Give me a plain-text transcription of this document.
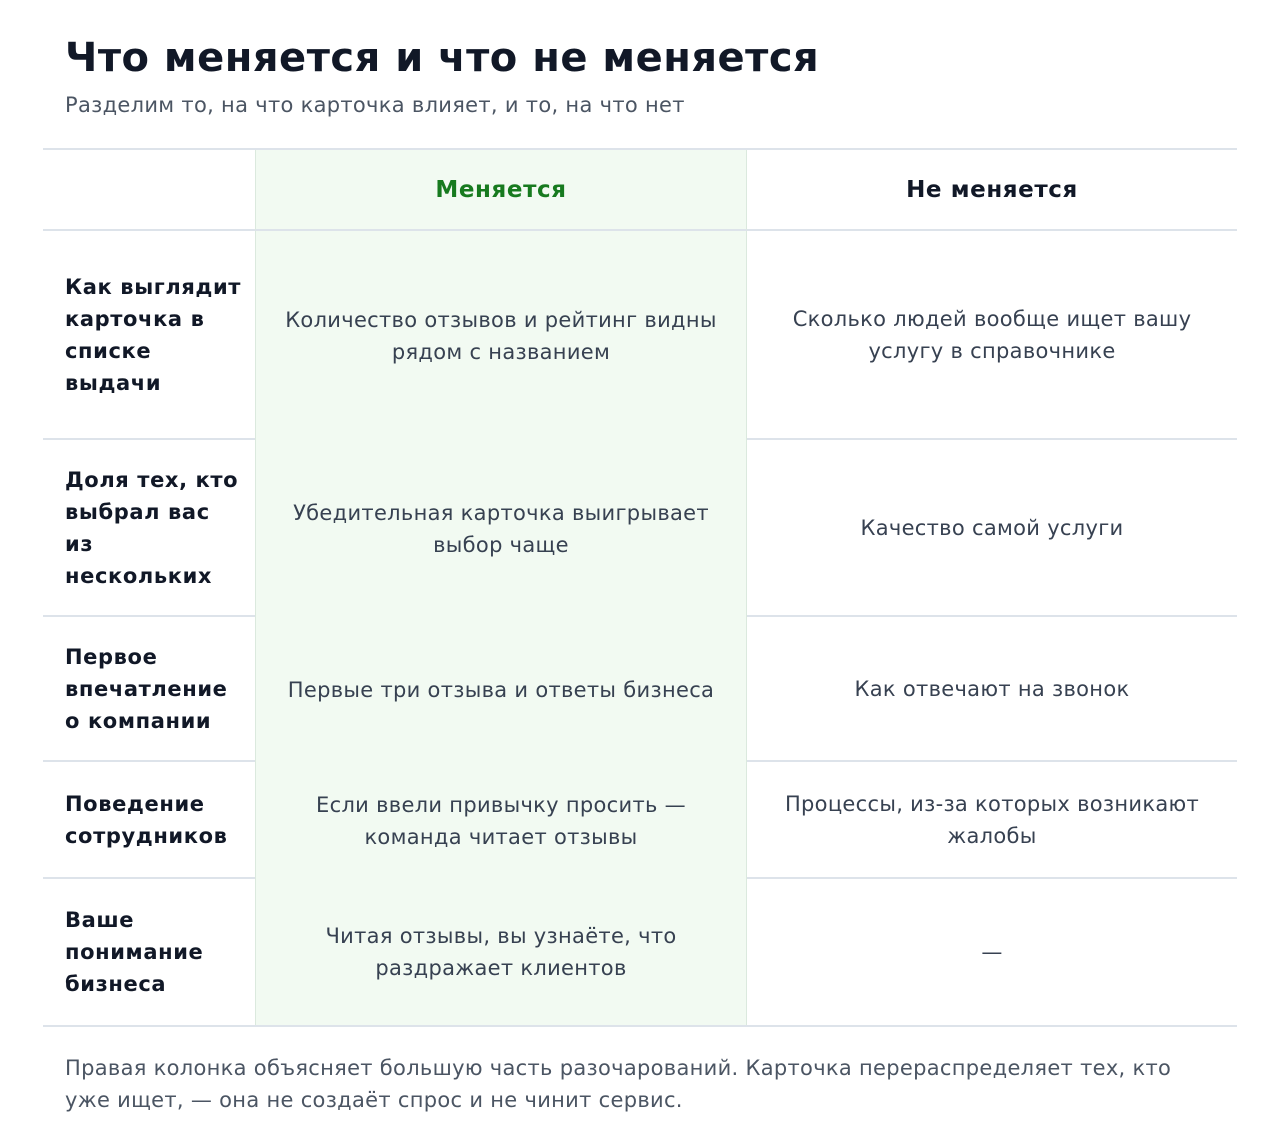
Что меняется и что не меняется

Разделим то, на что карточка влияет, и то, на что нет

Меняется	Не меняется
Как выглядит карточка в списке выдачи
Количество отзывов и рейтинг видны рядом с названием
Сколько людей вообще ищет вашу услугу в справочнике
Доля тех, кто выбрал вас из нескольких
Убедительная карточка выигрывает выбор чаще
Качество самой услуги
Первое впечатление о компании
Первые три отзыва и ответы бизнеса	Как отвечают на звонок
Поведение сотрудников
Если ввели привычку просить — команда читает отзывы
Процессы, из-за которых возникают жалобы
Ваше понимание бизнеса
Читая отзывы, вы узнаёте, что раздражает клиентов
—

Правая колонка объясняет большую часть разочарований. Карточка перераспределяет тех, кто уже ищет, — она не создаёт спрос и не чинит сервис.
